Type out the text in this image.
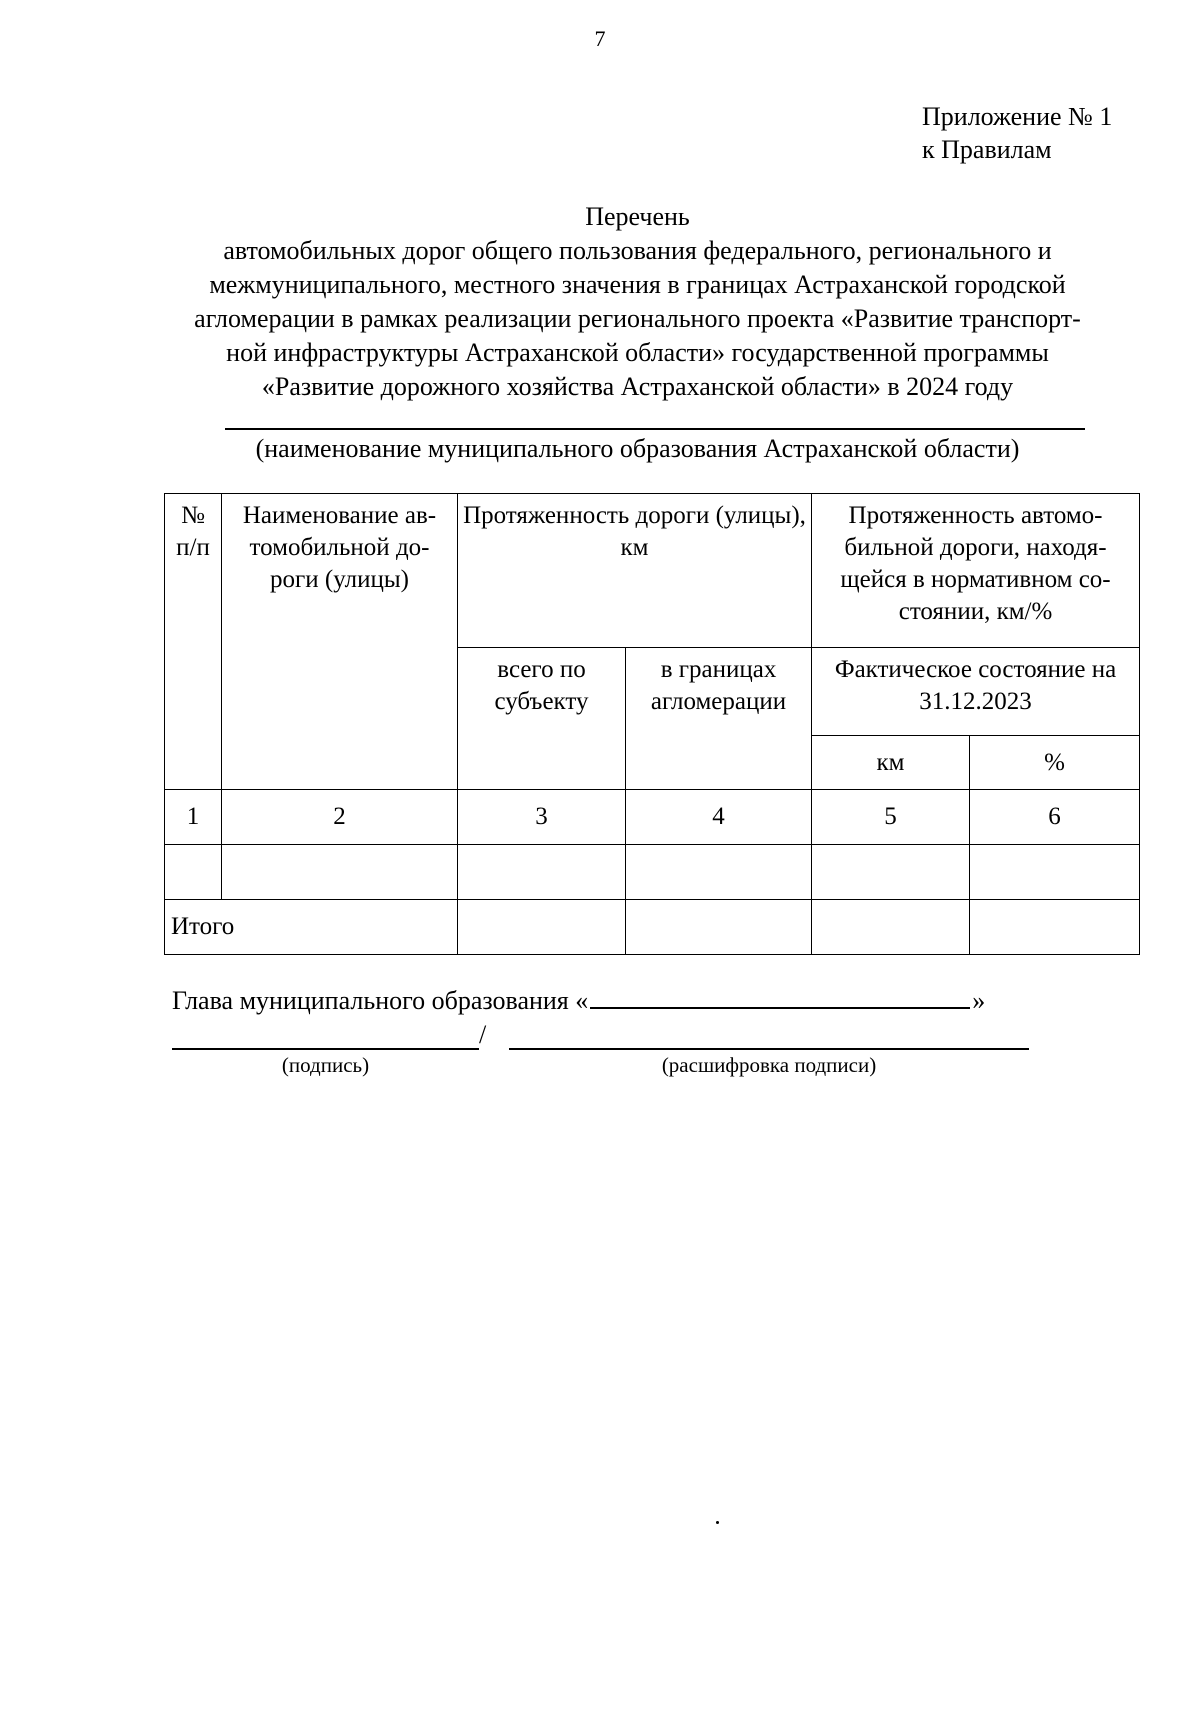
7
Приложение № 1
к Правилам
Перечень
автомобильных дорог общего пользования федерального, регионального и
межмуниципального, местного значения в границах Астраханской городской
агломерации в рамках реализации регионального проекта «Развитие транспорт-
ной инфраструктуры Астраханской области» государственной программы
«Развитие дорожного хозяйства Астраханской области» в 2024 году
(наименование муниципального образования Астраханской области)
№ п/п	Наименование ав-томобильной до-роги (улицы)	Протяженность дороги (улицы), км		Протяженность автомо-бильной дороги, находя-щейся в нормативном со-стоянии, км/%	
		всего по субъекту	в границах агломерации	Фактическое состояние на 31.12.2023	
				км	%
1	2	3	4	5	6

Итого					
Глава муниципального образования «	»
/
(подпись)	(расшифровка подписи)
